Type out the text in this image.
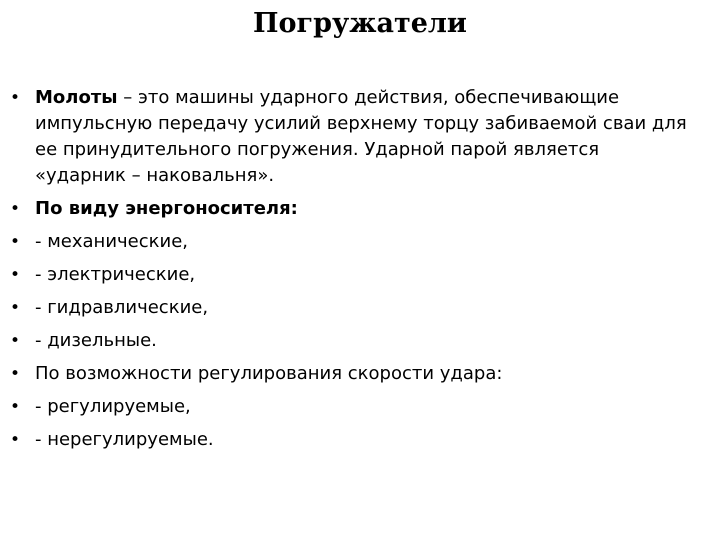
Погружатели
• Молоты – это машины ударного действия, обеспечивающие импульсную передачу усилий верхнему торцу забиваемой сваи для ее принудительного погружения. Ударной парой является «ударник – наковальня».
• По виду энергоносителя:
• - механические,
• - электрические,
• - гидравлические,
• - дизельные.
• По возможности регулирования скорости удара:
• - регулируемые,
• - нерегулируемые.
